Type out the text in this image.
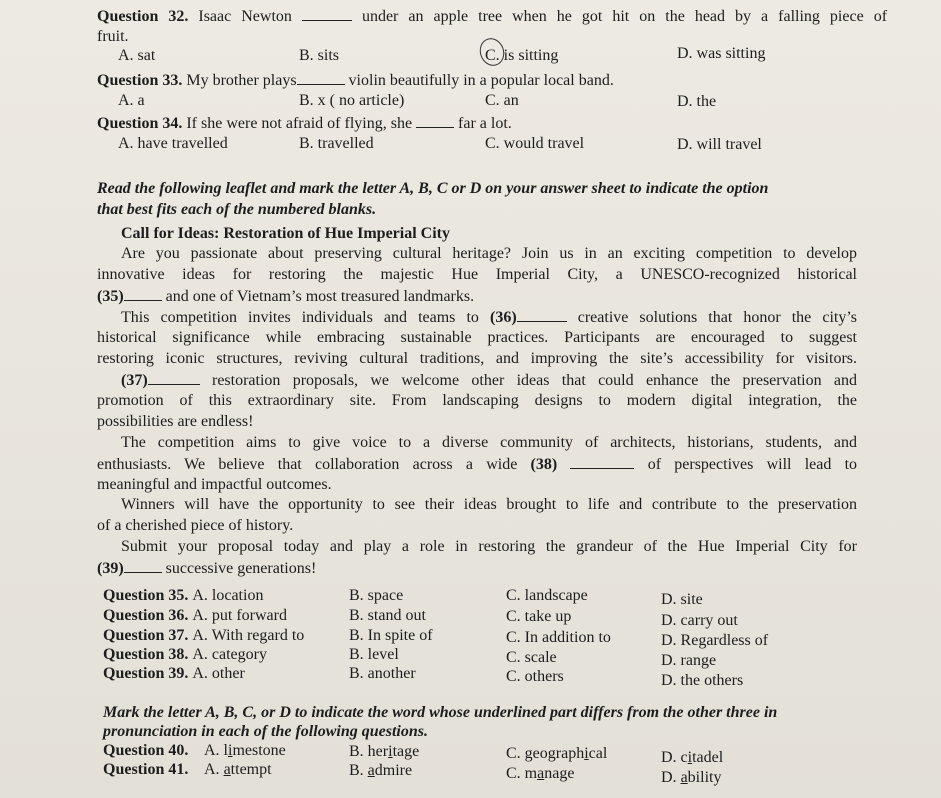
Question 32. Isaac Newton	under an apple tree when he got hit on the head by a falling piece of
fruit.
A. sat	B. sits	C. is sitting	D. was sitting
Question 33. My brother plays	violin beautifully in a popular local band.
A. a	B. x ( no article)	C. an	D. the
Question 34. If she were not afraid of flying, she	far a lot.
A. have travelled	B. travelled	C. would travel	D. will travel
Read the following leaflet and mark the letter A, B, C or D on your answer sheet to indicate the option
that best fits each of the numbered blanks.
Call for Ideas: Restoration of Hue Imperial City
Are you passionate about preserving cultural heritage? Join us in an exciting competition to develop
innovative ideas for restoring the majestic Hue Imperial City, a UNESCO-recognized historical
(35)	and one of Vietnam’s most treasured landmarks.
This competition invites individuals and teams to (36)	creative solutions that honor the city’s
historical significance while embracing sustainable practices. Participants are encouraged to suggest
restoring iconic structures, reviving cultural traditions, and improving the site’s accessibility for visitors.
(37)	restoration proposals, we welcome other ideas that could enhance the preservation and
promotion of this extraordinary site. From landscaping designs to modern digital integration, the
possibilities are endless!
The competition aims to give voice to a diverse community of architects, historians, students, and
enthusiasts. We believe that collaboration across a wide (38)	of perspectives will lead to
meaningful and impactful outcomes.
Winners will have the opportunity to see their ideas brought to life and contribute to the preservation
of a cherished piece of history.
Submit your proposal today and play a role in restoring the grandeur of the Hue Imperial City for
(39)	successive generations!
Question 35. A. location	B. space	C. landscape	D. site
Question 36. A. put forward	B. stand out	C. take up	D. carry out
Question 37. A. With regard to	B. In spite of	C. In addition to	D. Regardless of
Question 38. A. category	B. level	C. scale	D. range
Question 39. A. other	B. another	C. others	D. the others
Mark the letter A, B, C, or D to indicate the word whose underlined part differs from the other three in
pronunciation in each of the following questions.
Question 40. A. limestone	B. heritage	C. geographical	D. citadel
Question 41. A. attempt	B. admire	C. manage	D. ability
